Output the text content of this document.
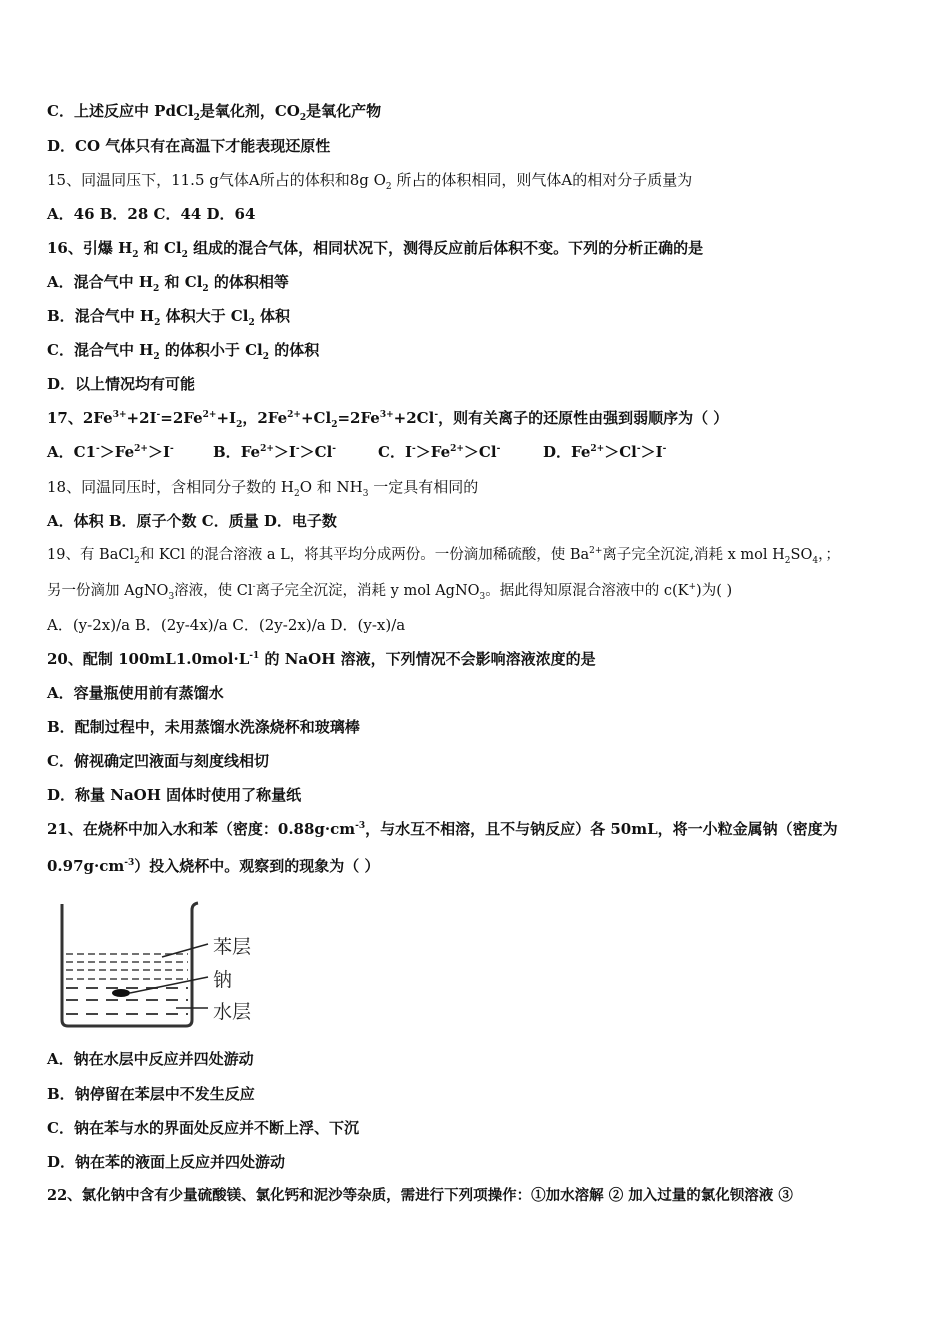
C．上述反应中 PdCl$_2$是氧化剂，$CO_2$是氧化产物
D．CO 气体只有在高温下才能表现还原性
15、同温同压下，11.5 g气体A所占的体积和8g $O_2$ 所占的体积相同，则气体A的相对分子质量为
A．46 B．28 C．44 D．64
16、引爆 $H_2$ 和 $Cl_2$ 组成的混合气体，相同状况下，测得反应前后体积不变。下列的分析正确的是
A．混合气中 $H_2$ 和 $Cl_2$ 的体积相等
B．混合气中 $H_2$ 体积大于 $Cl_2$ 体积
C．混合气中 $H_2$ 的体积小于 $Cl_2$ 的体积
D．以上情况均有可能
17、$2Fe^{3+}+2I^-=2Fe^{2+}+I_2$，$2Fe^{2+}+Cl_2=2Fe^{3+}+2Cl^-$，则有关离子的还原性由强到弱顺序为（ ）
A．$C1^->Fe^{2+}>I^-$	B．$Fe^{2+}>I^->Cl^-$	C．$I^->Fe^{2+}>Cl^-$	D．$Fe^{2+}>Cl^->I^-$
18、同温同压时，含相同分子数的 $H_2O$ 和 $NH_3$ 一定具有相同的
A．体积 B．原子个数 C．质量 D．电子数
19、有 BaCl$_2$和 KCl 的混合溶液 a L，将其平均分成两份。一份滴加稀硫酸，使 $Ba^{2+}$离子完全沉淀,消耗 x mol $H_2SO_4$，；
另一份滴加 AgNO$_3$溶液，使 Cl-离子完全沉淀，消耗 y mol AgNO$_3$。据此得知原混合溶液中的 c(K+)为( )
A．(y-2x)/a B．(2y-4x)/a C．(2y-2x)/a D．(y-x)/a
20、配制 $100mL1.0mol\cdot L^{-1}$ 的 NaOH 溶液，下列情况不会影响溶液浓度的是
A．容量瓶使用前有蒸馏水
B．配制过程中，未用蒸馏水洗涤烧杯和玻璃棒
C．俯视确定凹液面与刻度线相切
D．称量 NaOH 固体时使用了称量纸
21、在烧杯中加入水和苯（密度：$0.88g\cdot cm^{-3}$，与水互不相溶，且不与钠反应）各 50mL，将一小粒金属钠（密度为
$0.97g\cdot cm^{-3}$）投入烧杯中。观察到的现象为（ ）
苯层
钠
水层
A．钠在水层中反应并四处游动
B．钠停留在苯层中不发生反应
C．钠在苯与水的界面处反应并不断上浮、下沉
D．钠在苯的液面上反应并四处游动
22、氯化钠中含有少量硫酸镁、氯化钙和泥沙等杂质，需进行下列项操作：①加水溶解 ② 加入过量的氯化钡溶液 ③
